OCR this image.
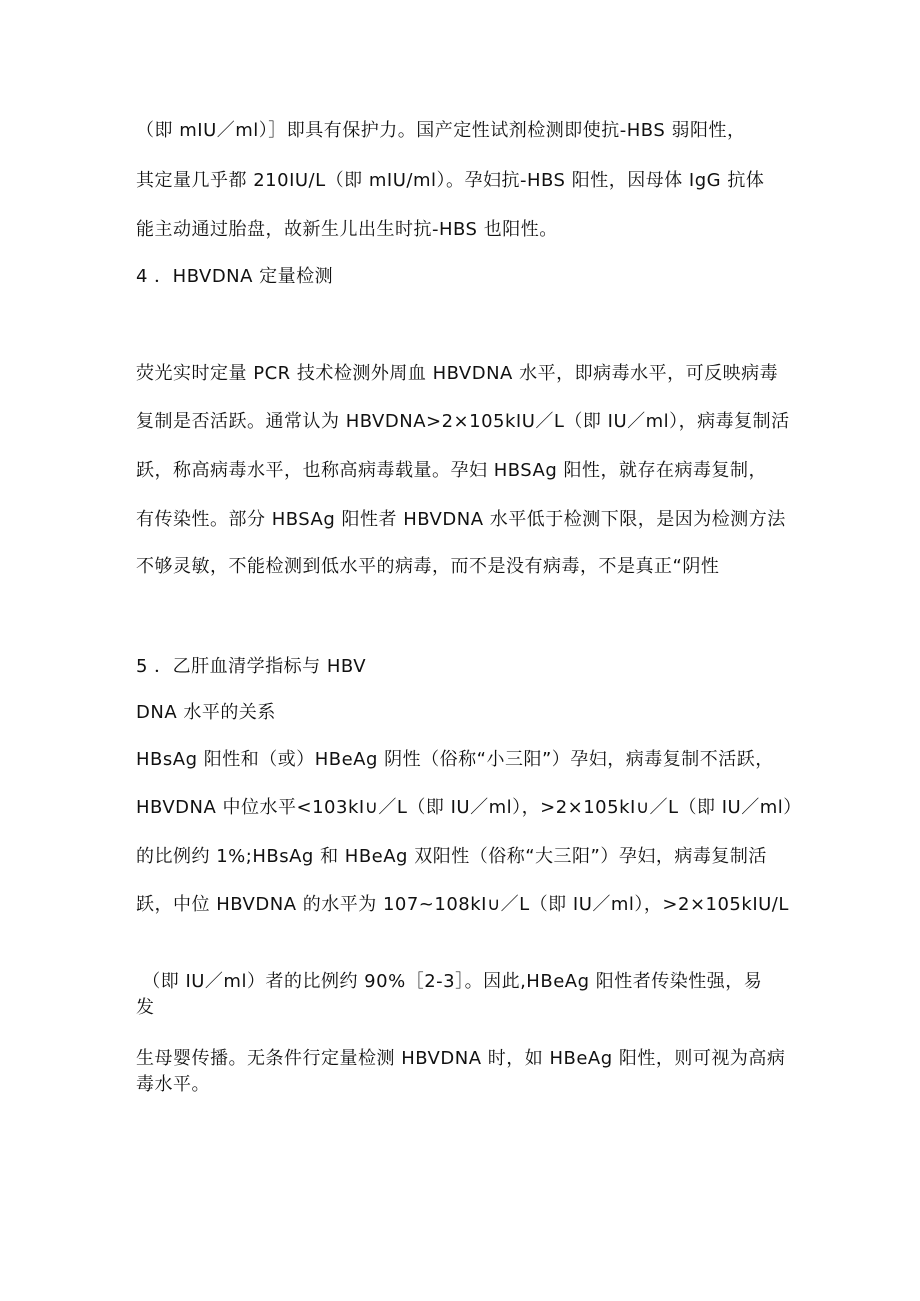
（即 mIU／ml）］即具有保护力。国产定性试剂检测即使抗-HBS 弱阳性，
其定量几乎都 210IU/L（即 mIU/ml）。孕妇抗-HBS 阳性，因母体 IgG 抗体
能主动通过胎盘，故新生儿出生时抗-HBS 也阳性。
4 ．HBVDNA 定量检测
荧光实时定量 PCR 技术检测外周血 HBVDNA 水平，即病毒水平，可反映病毒
复制是否活跃。通常认为 HBVDNA>2×105kIU／L（即 IU／ml），病毒复制活
跃，称高病毒水平，也称高病毒载量。孕妇 HBSAg 阳性，就存在病毒复制，
有传染性。部分 HBSAg 阳性者 HBVDNA 水平低于检测下限，是因为检测方法
不够灵敏，不能检测到低水平的病毒，而不是没有病毒，不是真正“阴性
5 ．乙肝血清学指标与 HBV
DNA 水平的关系
HBsAg 阳性和（或）HBeAg 阴性（俗称“小三阳”）孕妇，病毒复制不活跃，
HBVDNA 中位水平<103kI∪／L（即 IU／ml），>2×105kI∪／L（即 IU／ml）
的比例约 1%;HBsAg 和 HBeAg 双阳性（俗称“大三阳”）孕妇，病毒复制活
跃，中位 HBVDNA 的水平为 107~108kI∪／L（即 IU／ml），>2×105kIU/L
（即 IU／ml）者的比例约 90%［2-3］。因此,HBeAg 阳性者传染性强，易
发
生母婴传播。无条件行定量检测 HBVDNA 时，如 HBeAg 阳性，则可视为高病
毒水平。
